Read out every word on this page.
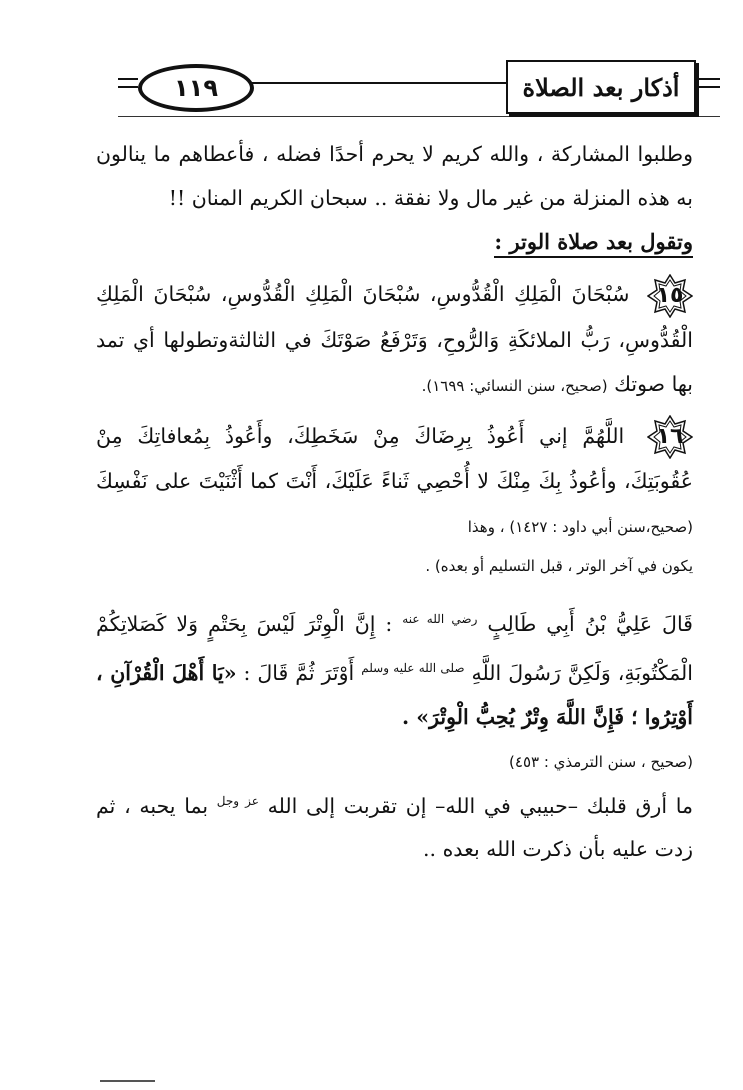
١١٩	أذكار بعد الصلاة

وطلبوا المشاركة ، والله كريم لا يحرم أحدًا فضله ، فأعطاهم ما ينالون به هذه المنزلة من غير مال ولا نفقة .. سبحان الكريم المنان !!

وتقول بعد صلاة الوتر :

١٥
سُبْحَانَ الْمَلِكِ الْقُدُّوسِ، سُبْحَانَ الْمَلِكِ الْقُدُّوسِ، سُبْحَانَ الْمَلِكِ الْقُدُّوسِ، رَبُّ الملائكَةِ وَالرُّوحِ، وَتَرْفَعُ صَوْتَكَ في الثالثةوتطولها أي تمد بها صوتك (صحيح، سنن النسائي: ١٦٩٩).

١٦
اللَّهُمَّ إني أَعُوذُ بِرِضَاكَ مِنْ سَخَطِكَ، وأَعُوذُ بِمُعافاتِكَ مِنْ عُقُوبَتِكَ، وأعُوذُ بِكَ مِنْكَ لا أُحْصِي ثَناءً عَلَيْكَ، أَنْتَ كما أَثْنَيْتَ على نَفْسِكَ (صحيح،سنن أبي داود : ١٤٢٧) ، وهذا

يكون في آخر الوتر ، قبل التسليم أو بعده) .

قَالَ عَلِيُّ بْنُ أَبِي طَالِبٍ $^{رضي الله عنه}$ : إِنَّ الْوِتْرَ لَيْسَ بِحَتْمٍ وَلا كَصَلاتِكُمْ الْمَكْتُوبَةِ، وَلَكِنَّ رَسُولَ اللَّهِ $^{صلى الله عليه وسلم}$ أَوْتَرَ ثُمَّ قَالَ : «يَا أَهْلَ الْقُرْآنِ ، أَوْتِرُوا ؛ فَإِنَّ اللَّهَ وِتْرٌ يُحِبُّ الْوِتْرَ» .

(صحيح ، سنن الترمذي : ٤٥٣)

ما أرق قلبك –حبيبي في الله– إن تقربت إلى الله $^{عز وجل}$ بما يحبه ، ثم زدت عليه بأن ذكرت الله بعده ..
